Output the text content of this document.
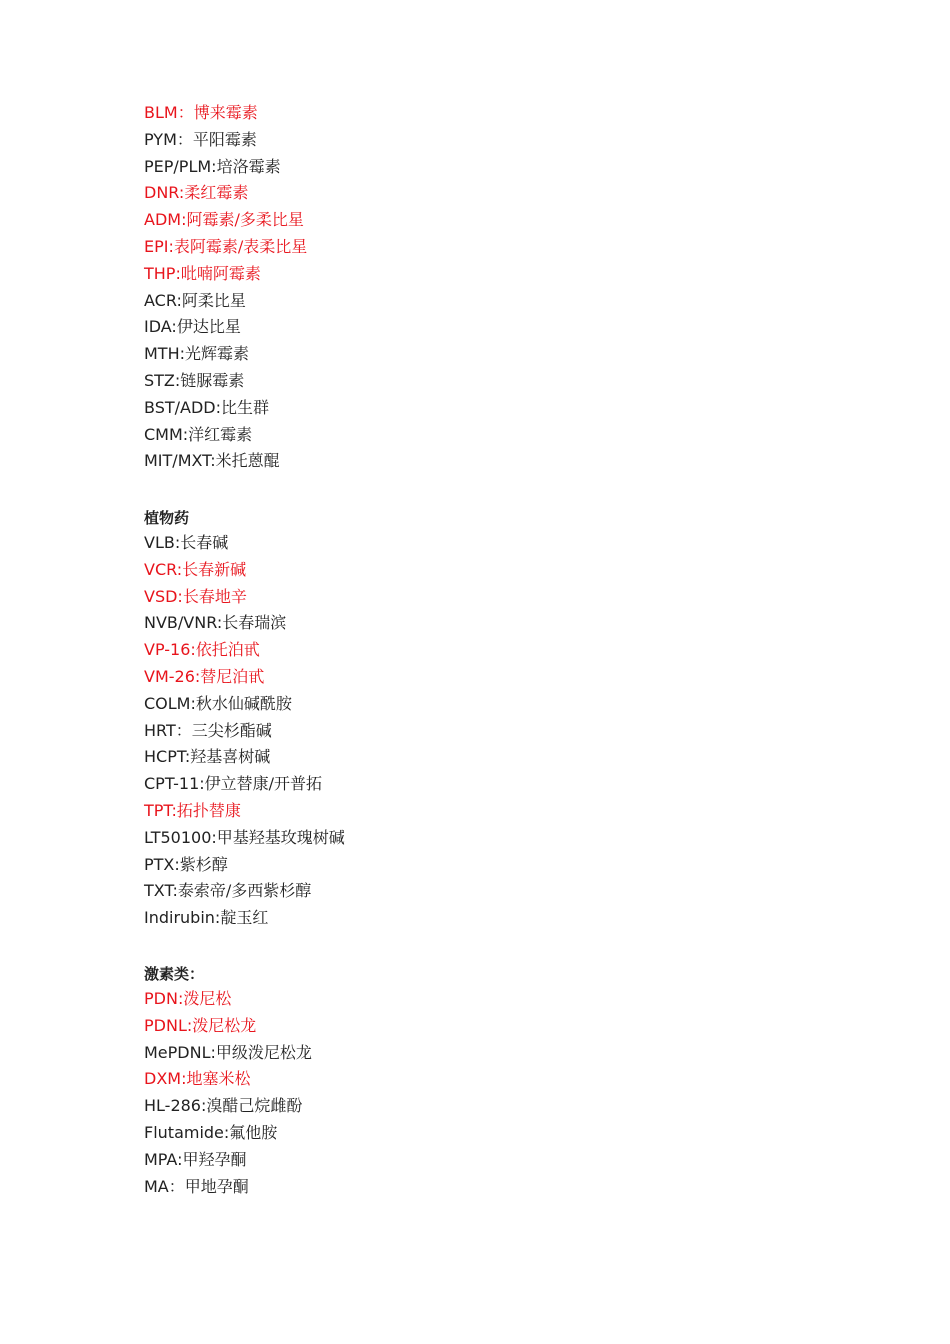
BLM：博来霉素
PYM：平阳霉素
PEP/PLM:培洛霉素
DNR:柔红霉素
ADM:阿霉素/多柔比星
EPI:表阿霉素/表柔比星
THP:吡喃阿霉素
ACR:阿柔比星
IDA:伊达比星
MTH:光辉霉素
STZ:链脲霉素
BST/ADD:比生群
CMM:洋红霉素
MIT/MXT:米托蒽醌
植物药
VLB:长春碱
VCR:长春新碱
VSD:长春地辛
NVB/VNR:长春瑞滨
VP-16:依托泊甙
VM-26:替尼泊甙
COLM:秋水仙碱酰胺
HRT：三尖杉酯碱
HCPT:羟基喜树碱
CPT-11:伊立替康/开普拓
TPT:拓扑替康
LT50100:甲基羟基玫瑰树碱
PTX:紫杉醇
TXT:泰索帝/多西紫杉醇
Indirubin:靛玉红
激素类：
PDN:泼尼松
PDNL:泼尼松龙
MePDNL:甲级泼尼松龙
DXM:地塞米松
HL-286:溴醋己烷雌酚
Flutamide:氟他胺
MPA:甲羟孕酮
MA：甲地孕酮
